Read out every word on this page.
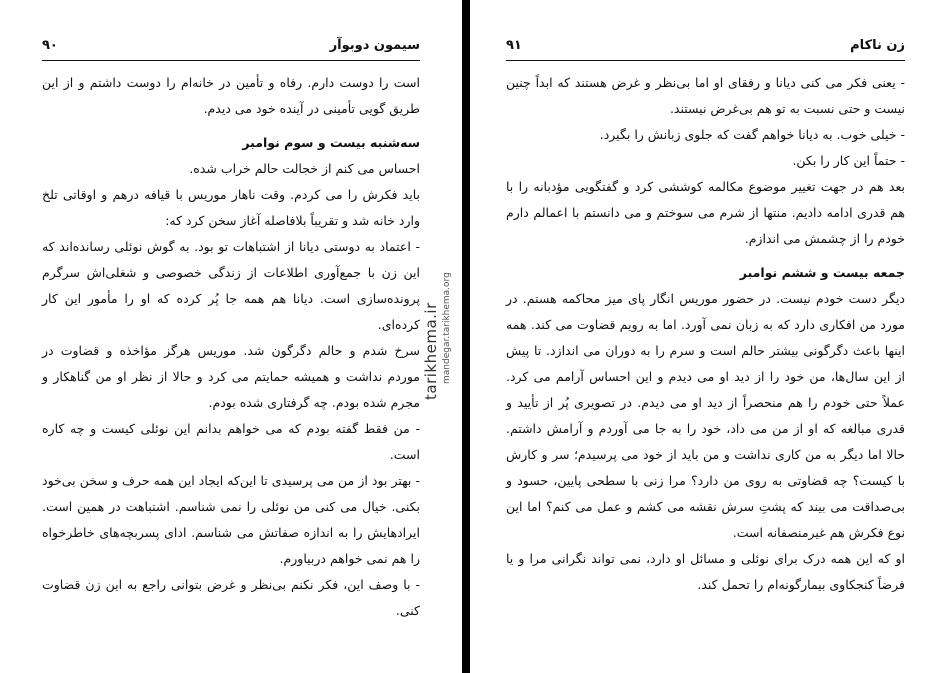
۹۰	سیمون دوبوآر

است را دوست دارم. رفاه و تأمین در خانه‌ام را دوست داشتم و از این طریق گویی تأمینی در آینده خود می دیدم.

سه‌شنبه بیست و سوم نوامبر

احساس می کنم از خجالت حالم خراب شده.

باید فکرش را می کردم. وقت ناهار موریس با قیافه درهم و اوقاتی تلخ وارد خانه شد و تقریباً بلافاصله آغاز سخن کرد که:

- اعتماد به دوستی دیانا از اشتباهات تو بود. به گوش نوئلی رسانده‌اند که این زن با جمع‌آوری اطلاعات از زندگی خصوصی و شغلی‌اش سرگرم پرونده‌سازی است. دیانا هم همه جا پُر کرده که او را مأمور این کار کرده‌ای.

سرخ شدم و حالم دگرگون شد. موریس هرگز مؤاخذه و قضاوت در موردم نداشت و همیشه حمایتم می کرد و حالا از نظر او من گناهکار و مجرم شده بودم. چه گرفتاری شده بودم.

- من فقط گفته بودم که می خواهم بدانم این نوئلی کیست و چه کاره است.

- بهتر بود از من می پرسیدی تا این‌که ایجاد این همه حرف و سخن بی‌خود بکنی. خیال می کنی من نوئلی را نمی شناسم. اشتباهت در همین است. ایرادهایش را به اندازه صفاتش می شناسم. ادای پسربچه‌های خاطرخواه را هم نمی خواهم دربیاورم.

- با وصف این، فکر نکنم بی‌نظر و غرض بتوانی راجع به این زن قضاوت کنی.

tarikhema.ir mandegar.tarikhema.org
۹۱	زن ناکام

- یعنی فکر می کنی دیانا و رفقای او اما بی‌نظر و غرض هستند که ابداً چنین نیست و حتی نسبت به تو هم بی‌غرض نیستند.

- خیلی خوب. به دیانا خواهم گفت که جلوی زبانش را بگیرد.

- حتماً این کار را بکن.

بعد هم در جهت تغییر موضوع مکالمه کوششی کرد و گفتگویی مؤدبانه را با هم قدری ادامه دادیم. منتها از شرم می سوختم و می دانستم با اعمالم دارم خودم را از چشمش می اندازم.

جمعه بیست و ششم نوامبر

دیگر دست خودم نیست. در حضور موریس انگار پای میز محاکمه هستم. در مورد من افکاری دارد که به زبان نمی آورد. اما به رویم قضاوت می کند. همه اینها باعث دگرگونی بیشتر حالم است و سرم را به دوران می اندازد. تا پیش از این سال‌ها، من خود را از دید او می دیدم و این احساس آرامم می کرد. عملاً حتی خودم را هم منحصراً از دید او می دیدم. در تصویری پُر از تأیید و قدری مبالغه که او از من می داد، خود را به جا می آوردم و آرامش داشتم. حالا اما دیگر به من کاری نداشت و من باید از خود می پرسیدم؛ سر و کارش با کیست؟ چه قضاوتی به روی من دارد؟ مرا زنی با سطحی پایین، حسود و بی‌صداقت می بیند که پشتِ سرش نقشه می کشم و عمل می کنم؟ اما این نوع فکرش هم غیرمنصفانه است.

او که این همه درک برای نوئلی و مسائل او دارد، نمی تواند نگرانی مرا و یا فرضاً کنجکاوی بیمارگونه‌ام را تحمل کند.
